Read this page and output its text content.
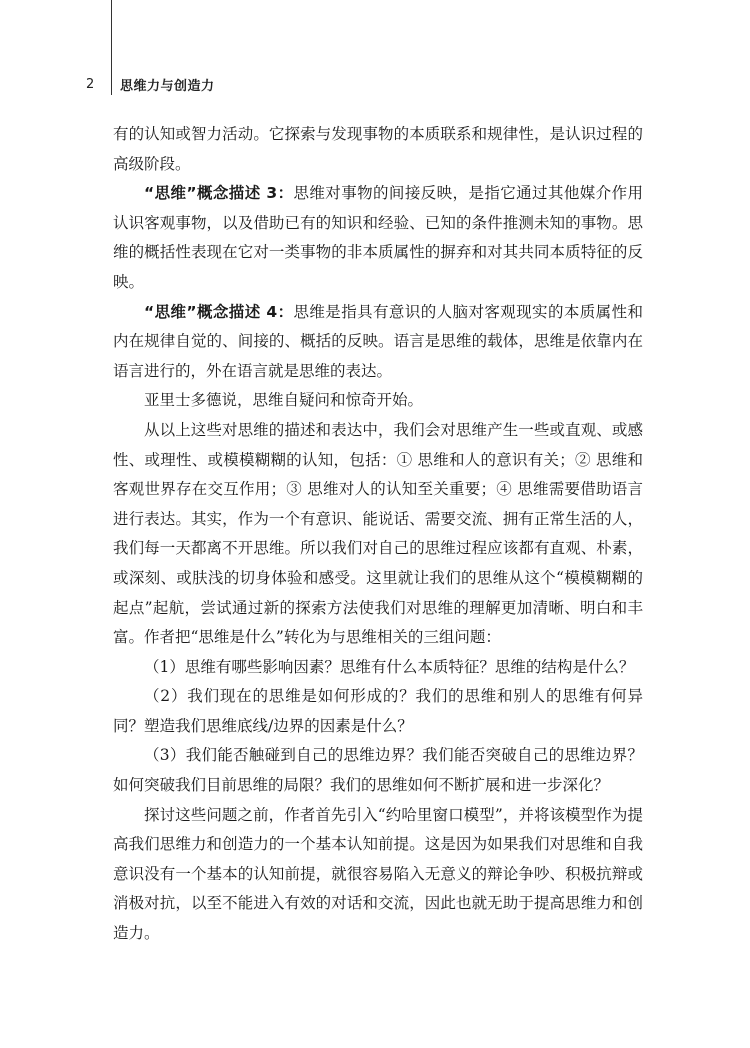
2	思维力与创造力

有的认知或智力活动。它探索与发现事物的本质联系和规律性，是认识过程的高级阶段。

“思维”概念描述 3：思维对事物的间接反映，是指它通过其他媒介作用认识客观事物，以及借助已有的知识和经验、已知的条件推测未知的事物。思维的概括性表现在它对一类事物的非本质属性的摒弃和对其共同本质特征的反映。

“思维”概念描述 4：思维是指具有意识的人脑对客观现实的本质属性和内在规律自觉的、间接的、概括的反映。语言是思维的载体，思维是依靠内在语言进行的，外在语言就是思维的表达。

亚里士多德说，思维自疑问和惊奇开始。

从以上这些对思维的描述和表达中，我们会对思维产生一些或直观、或感性、或理性、或模模糊糊的认知，包括：① 思维和人的意识有关；② 思维和客观世界存在交互作用；③ 思维对人的认知至关重要；④ 思维需要借助语言进行表达。其实，作为一个有意识、能说话、需要交流、拥有正常生活的人，我们每一天都离不开思维。所以我们对自己的思维过程应该都有直观、朴素，或深刻、或肤浅的切身体验和感受。这里就让我们的思维从这个“模模糊糊的起点”起航，尝试通过新的探索方法使我们对思维的理解更加清晰、明白和丰富。作者把“思维是什么”转化为与思维相关的三组问题：

（1）思维有哪些影响因素？思维有什么本质特征？思维的结构是什么？

（2）我们现在的思维是如何形成的？我们的思维和别人的思维有何异同？塑造我们思维底线/边界的因素是什么？

（3）我们能否触碰到自己的思维边界？我们能否突破自己的思维边界？如何突破我们目前思维的局限？我们的思维如何不断扩展和进一步深化？

探讨这些问题之前，作者首先引入“约哈里窗口模型”，并将该模型作为提高我们思维力和创造力的一个基本认知前提。这是因为如果我们对思维和自我意识没有一个基本的认知前提，就很容易陷入无意义的辩论争吵、积极抗辩或消极对抗，以至不能进入有效的对话和交流，因此也就无助于提高思维力和创造力。
